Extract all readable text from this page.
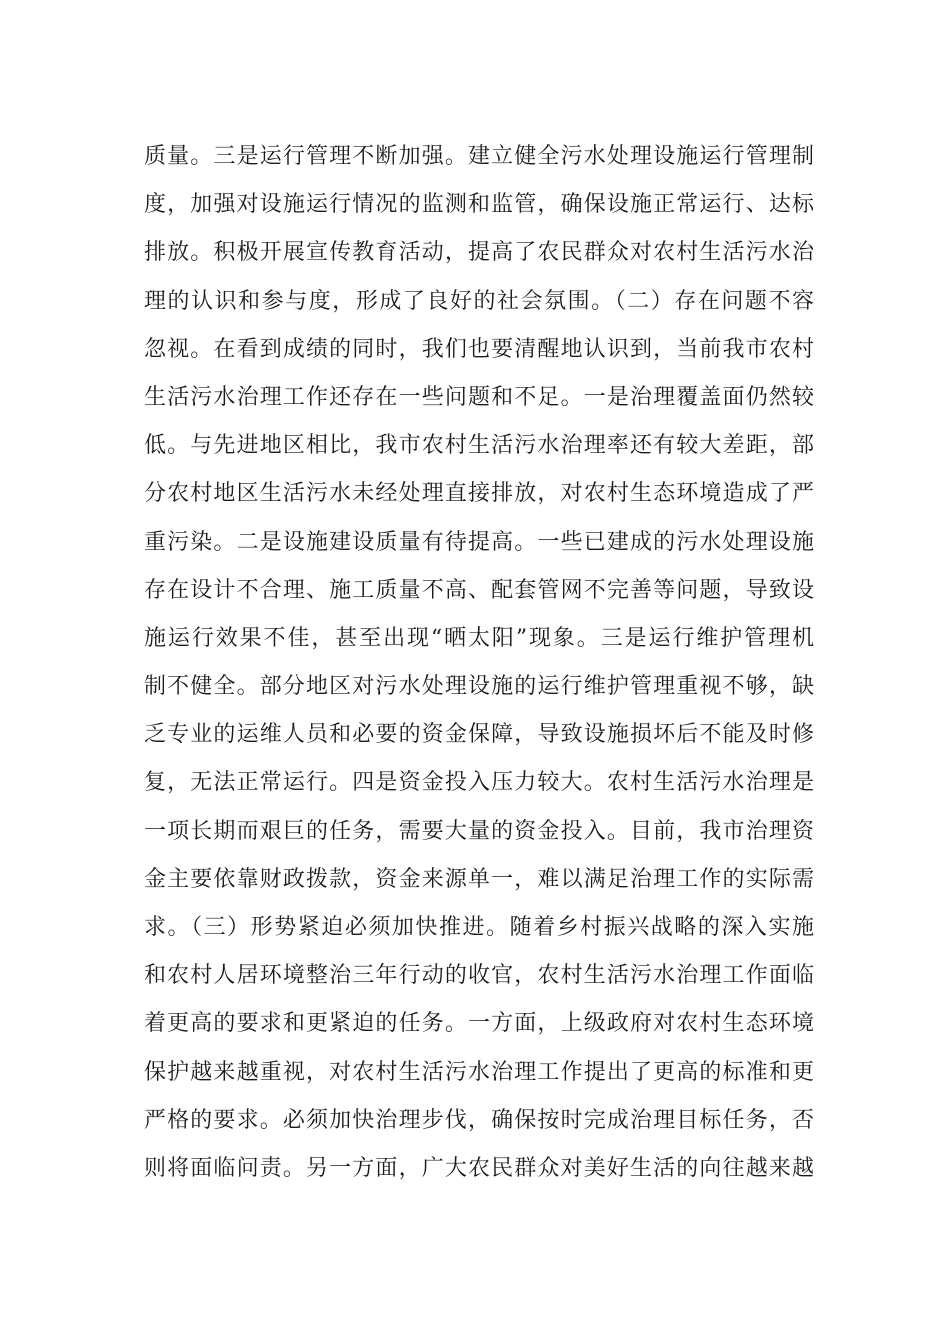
质量。三是运行管理不断加强。建立健全污水处理设施运行管理制
度，加强对设施运行情况的监测和监管，确保设施正常运行、达标
排放。积极开展宣传教育活动，提高了农民群众对农村生活污水治
理的认识和参与度，形成了良好的社会氛围。（二）存在问题不容
忽视。在看到成绩的同时，我们也要清醒地认识到，当前我市农村
生活污水治理工作还存在一些问题和不足。一是治理覆盖面仍然较
低。与先进地区相比，我市农村生活污水治理率还有较大差距，部
分农村地区生活污水未经处理直接排放，对农村生态环境造成了严
重污染。二是设施建设质量有待提高。一些已建成的污水处理设施
存在设计不合理、施工质量不高、配套管网不完善等问题，导致设
施运行效果不佳，甚至出现“晒太阳”现象。三是运行维护管理机
制不健全。部分地区对污水处理设施的运行维护管理重视不够，缺
乏专业的运维人员和必要的资金保障，导致设施损坏后不能及时修
复，无法正常运行。四是资金投入压力较大。农村生活污水治理是
一项长期而艰巨的任务，需要大量的资金投入。目前，我市治理资
金主要依靠财政拨款，资金来源单一，难以满足治理工作的实际需
求。（三）形势紧迫必须加快推进。随着乡村振兴战略的深入实施
和农村人居环境整治三年行动的收官，农村生活污水治理工作面临
着更高的要求和更紧迫的任务。一方面，上级政府对农村生态环境
保护越来越重视，对农村生活污水治理工作提出了更高的标准和更
严格的要求。必须加快治理步伐，确保按时完成治理目标任务，否
则将面临问责。另一方面，广大农民群众对美好生活的向往越来越
